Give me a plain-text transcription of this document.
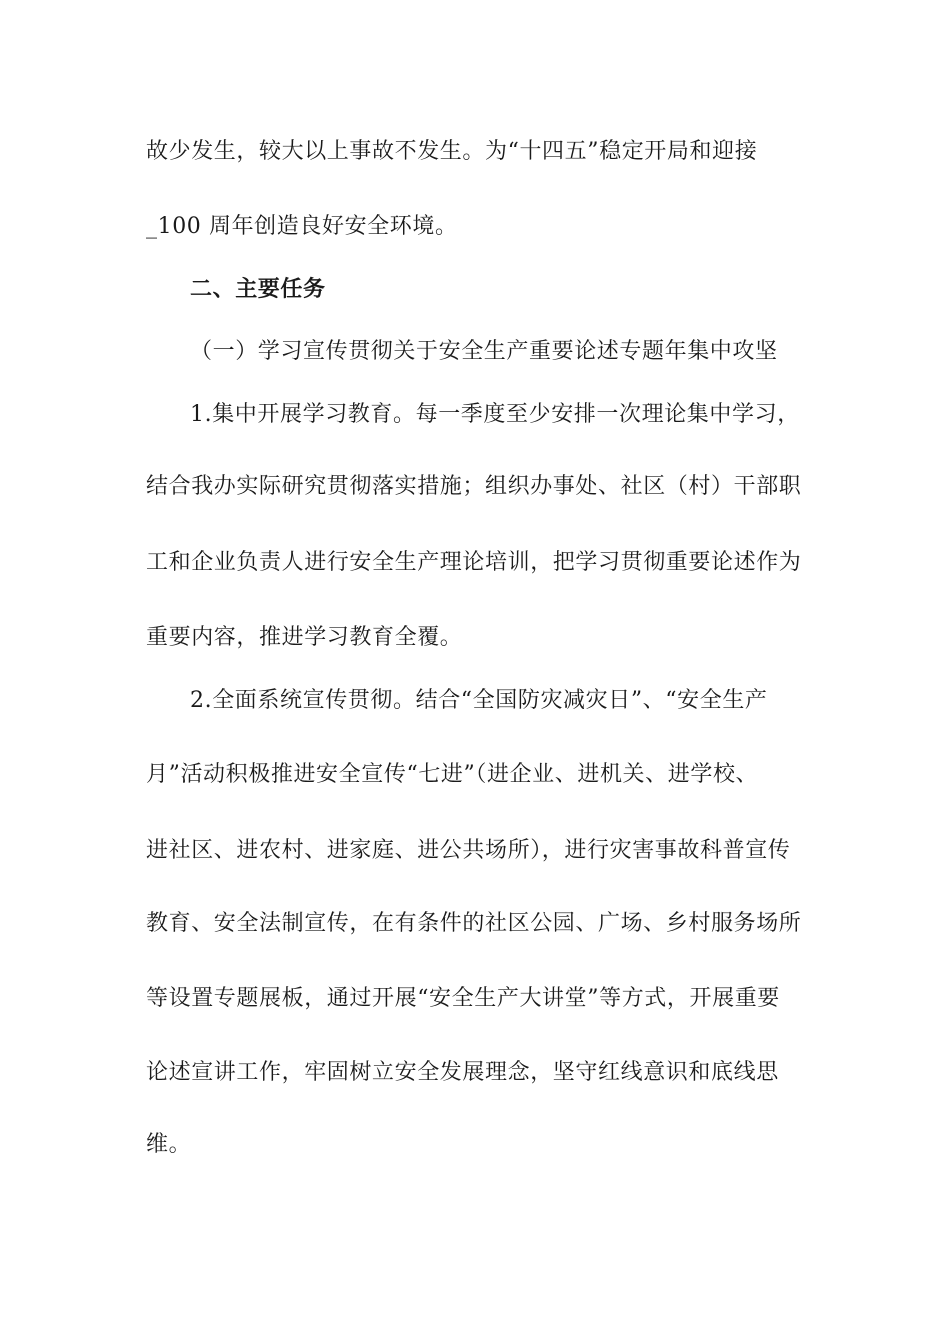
故少发生，较大以上事故不发生。为“十四五”稳定开局和迎接
_100 周年创造良好安全环境。
二、主要任务
（一）学习宣传贯彻关于安全生产重要论述专题年集中攻坚
1.集中开展学习教育。每一季度至少安排一次理论集中学习，
结合我办实际研究贯彻落实措施；组织办事处、社区（村）干部职
工和企业负责人进行安全生产理论培训，把学习贯彻重要论述作为
重要内容，推进学习教育全覆。
2.全面系统宣传贯彻。结合“全国防灾减灾日”、“安全生产
月”活动积极推进安全宣传“七进”（进企业、进机关、进学校、
进社区、进农村、进家庭、进公共场所），进行灾害事故科普宣传
教育、安全法制宣传，在有条件的社区公园、广场、乡村服务场所
等设置专题展板，通过开展“安全生产大讲堂”等方式，开展重要
论述宣讲工作，牢固树立安全发展理念，坚守红线意识和底线思
维。
